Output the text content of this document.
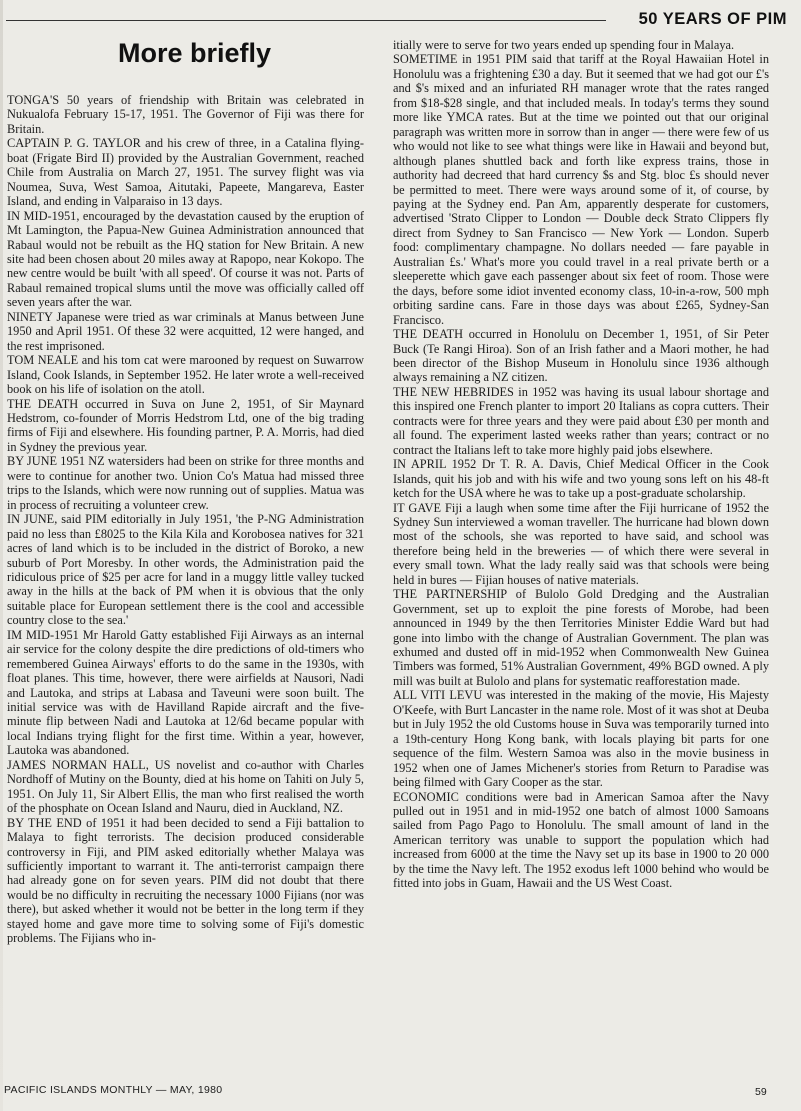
50 YEARS OF PIM
More briefly

TONGA'S 50 years of friendship with Britain was celebrated in Nukualofa February 15-17, 1951. The Governor of Fiji was there for Britain.

CAPTAIN P. G. TAYLOR and his crew of three, in a Catalina flying-boat (Frigate Bird II) provided by the Australian Government, reached Chile from Australia on March 27, 1951. The survey flight was via Noumea, Suva, West Samoa, Aitutaki, Papeete, Mangareva, Easter Island, and ending in Valparaiso in 13 days.

IN MID-1951, encouraged by the devastation caused by the eruption of Mt Lamington, the Papua-New Guinea Administration announced that Rabaul would not be rebuilt as the HQ station for New Britain. A new site had been chosen about 20 miles away at Rapopo, near Kokopo. The new centre would be built 'with all speed'. Of course it was not. Parts of Rabaul remained tropical slums until the move was officially called off seven years after the war.

NINETY Japanese were tried as war criminals at Manus between June 1950 and April 1951. Of these 32 were acquitted, 12 were hanged, and the rest imprisoned.

TOM NEALE and his tom cat were marooned by request on Suwarrow Island, Cook Islands, in September 1952. He later wrote a well-received book on his life of isolation on the atoll.

THE DEATH occurred in Suva on June 2, 1951, of Sir Maynard Hedstrom, co-founder of Morris Hedstrom Ltd, one of the big trading firms of Fiji and elsewhere. His founding partner, P. A. Morris, had died in Sydney the previous year.

BY JUNE 1951 NZ watersiders had been on strike for three months and were to continue for another two. Union Co's Matua had missed three trips to the Islands, which were now running out of supplies. Matua was in process of recruiting a volunteer crew.

IN JUNE, said PIM editorially in July 1951, 'the P-NG Administration paid no less than £8025 to the Kila Kila and Korobosea natives for 321 acres of land which is to be included in the district of Boroko, a new suburb of Port Moresby. In other words, the Administration paid the ridiculous price of $25 per acre for land in a muggy little valley tucked away in the hills at the back of PM when it is obvious that the only suitable place for European settlement there is the cool and accessible country close to the sea.'

IM MID-1951 Mr Harold Gatty established Fiji Airways as an internal air service for the colony despite the dire predictions of old-timers who remembered Guinea Airways' efforts to do the same in the 1930s, with float planes. This time, however, there were airfields at Nausori, Nadi and Lautoka, and strips at Labasa and Taveuni were soon built. The initial service was with de Havilland Rapide aircraft and the five-minute flip between Nadi and Lautoka at 12/6d became popular with local Indians trying flight for the first time. Within a year, however, Lautoka was abandoned.

JAMES NORMAN HALL, US novelist and co-author with Charles Nordhoff of Mutiny on the Bounty, died at his home on Tahiti on July 5, 1951. On July 11, Sir Albert Ellis, the man who first realised the worth of the phosphate on Ocean Island and Nauru, died in Auckland, NZ.

BY THE END of 1951 it had been decided to send a Fiji battalion to Malaya to fight terrorists. The decision produced considerable controversy in Fiji, and PIM asked editorially whether Malaya was sufficiently important to warrant it. The anti-terrorist campaign there had already gone on for seven years. PIM did not doubt that there would be no difficulty in recruiting the necessary 1000 Fijians (nor was there), but asked whether it would not be better in the long term if they stayed home and gave more time to solving some of Fiji's domestic problems. The Fijians who in-

itially were to serve for two years ended up spending four in Malaya.

SOMETIME in 1951 PIM said that tariff at the Royal Hawaiian Hotel in Honolulu was a frightening £30 a day. But it seemed that we had got our £'s and $'s mixed and an infuriated RH manager wrote that the rates ranged from $18-$28 single, and that included meals. In today's terms they sound more like YMCA rates. But at the time we pointed out that our original paragraph was written more in sorrow than in anger — there were few of us who would not like to see what things were like in Hawaii and beyond but, although planes shuttled back and forth like express trains, those in authority had decreed that hard currency $s and Stg. bloc £s should never be permitted to meet. There were ways around some of it, of course, by paying at the Sydney end. Pan Am, apparently desperate for customers, advertised 'Strato Clipper to London — Double deck Strato Clippers fly direct from Sydney to San Francisco — New York — London. Superb food: complimentary champagne. No dollars needed — fare payable in Australian £s.' What's more you could travel in a real private berth or a sleeperette which gave each passenger about six feet of room. Those were the days, before some idiot invented economy class, 10-in-a-row, 500 mph orbiting sardine cans. Fare in those days was about £265, Sydney-San Francisco.

THE DEATH occurred in Honolulu on December 1, 1951, of Sir Peter Buck (Te Rangi Hiroa). Son of an Irish father and a Maori mother, he had been director of the Bishop Museum in Honolulu since 1936 although always remaining a NZ citizen.

THE NEW HEBRIDES in 1952 was having its usual labour shortage and this inspired one French planter to import 20 Italians as copra cutters. Their contracts were for three years and they were paid about £30 per month and all found. The experiment lasted weeks rather than years; contract or no contract the Italians left to take more highly paid jobs elsewhere.

IN APRIL 1952 Dr T. R. A. Davis, Chief Medical Officer in the Cook Islands, quit his job and with his wife and two young sons left on his 48-ft ketch for the USA where he was to take up a post-graduate scholarship.

IT GAVE Fiji a laugh when some time after the Fiji hurricane of 1952 the Sydney Sun interviewed a woman traveller. The hurricane had blown down most of the schools, she was reported to have said, and school was therefore being held in the breweries — of which there were several in every small town. What the lady really said was that schools were being held in bures — Fijian houses of native materials.

THE PARTNERSHIP of Bulolo Gold Dredging and the Australian Government, set up to exploit the pine forests of Morobe, had been announced in 1949 by the then Territories Minister Eddie Ward but had gone into limbo with the change of Australian Government. The plan was exhumed and dusted off in mid-1952 when Commonwealth New Guinea Timbers was formed, 51% Australian Government, 49% BGD owned. A ply mill was built at Bulolo and plans for systematic reafforestation made.

ALL VITI LEVU was interested in the making of the movie, His Majesty O'Keefe, with Burt Lancaster in the name role. Most of it was shot at Deuba but in July 1952 the old Customs house in Suva was temporarily turned into a 19th-century Hong Kong bank, with locals playing bit parts for one sequence of the film. Western Samoa was also in the movie business in 1952 when one of James Michener's stories from Return to Paradise was being filmed with Gary Cooper as the star.

ECONOMIC conditions were bad in American Samoa after the Navy pulled out in 1951 and in mid-1952 one batch of almost 1000 Samoans sailed from Pago Pago to Honolulu. The small amount of land in the American territory was unable to support the population which had increased from 6000 at the time the Navy set up its base in 1900 to 20 000 by the time the Navy left. The 1952 exodus left 1000 behind who would be fitted into jobs in Guam, Hawaii and the US West Coast.

PACIFIC ISLANDS MONTHLY — MAY, 1980	59
